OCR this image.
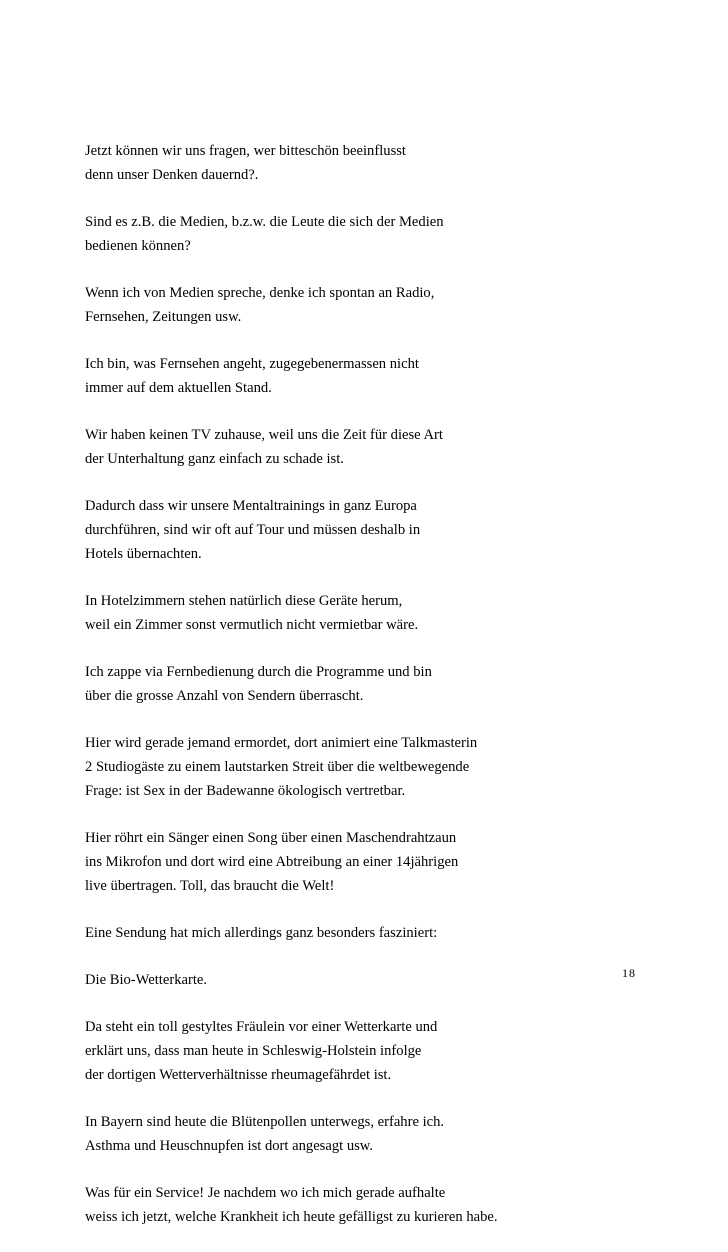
Jetzt können wir uns fragen, wer bitteschön beeinflusst
denn unser Denken dauernd?.

Sind es z.B. die Medien, b.z.w. die Leute die sich der Medien
bedienen können?

Wenn ich von Medien spreche, denke ich spontan an Radio,
Fernsehen, Zeitungen usw.

Ich bin, was Fernsehen angeht, zugegebenermassen nicht
immer auf dem aktuellen Stand.

Wir haben keinen TV zuhause, weil uns die Zeit für diese Art
der Unterhaltung ganz einfach zu schade ist.

Dadurch dass wir unsere Mentaltrainings in ganz Europa
durchführen, sind wir oft auf Tour und müssen deshalb in
Hotels übernachten.

In Hotelzimmern stehen natürlich diese Geräte herum,
weil ein Zimmer sonst vermutlich nicht vermietbar wäre.

Ich zappe via Fernbedienung durch die Programme und bin
über die grosse Anzahl von Sendern überrascht.

Hier wird gerade jemand ermordet, dort animiert eine Talkmasterin
2 Studiogäste zu einem lautstarken Streit über die weltbewegende
Frage: ist Sex in der Badewanne ökologisch vertretbar.

Hier röhrt ein Sänger einen Song über einen Maschendrahtzaun
ins Mikrofon und dort wird eine Abtreibung an einer 14jährigen
live übertragen. Toll, das braucht die Welt!

Eine Sendung hat mich allerdings ganz besonders fasziniert:

Die Bio-Wetterkarte.

Da steht ein toll gestyltes Fräulein vor einer Wetterkarte und
erklärt uns, dass man heute in Schleswig-Holstein infolge
der dortigen Wetterverhältnisse rheumagefährdet ist.

In Bayern sind heute die Blütenpollen unterwegs, erfahre ich.
Asthma und Heuschnupfen ist dort angesagt usw.

Was für ein Service! Je nachdem wo ich mich gerade aufhalte
weiss ich jetzt, welche Krankheit ich heute gefälligst zu kurieren habe.

18
